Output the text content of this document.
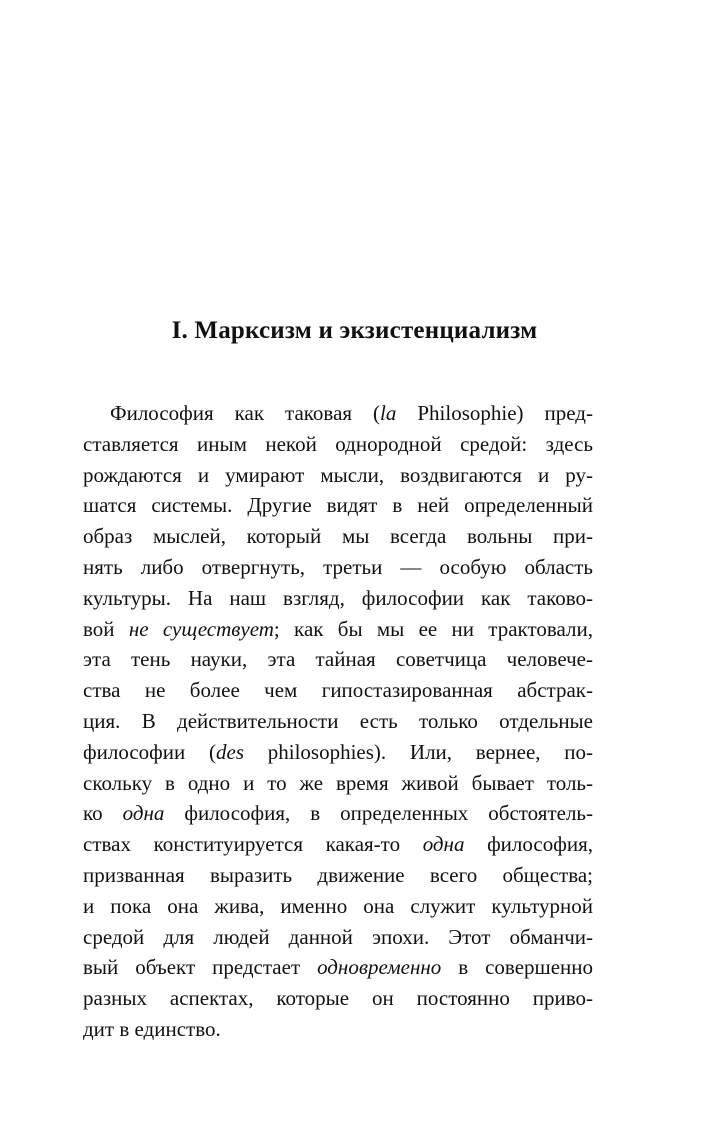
I. Марксизм и экзистенциализм
Философия как таковая (la Philosophie) пред-
ставляется иным некой однородной средой: здесь
рождаются и умирают мысли, воздвигаются и ру-
шатся системы. Другие видят в ней определенный
образ мыслей, который мы всегда вольны при-
нять либо отвергнуть, третьи — особую область
культуры. На наш взгляд, философии как таково-
вой не существует; как бы мы ее ни трактовали,
эта тень науки, эта тайная советчица человече-
ства не более чем гипостазированная абстрак-
ция. В действительности есть только отдельные
философии (des philosophies). Или, вернее, по-
скольку в одно и то же время живой бывает толь-
ко одна философия, в определенных обстоятель-
ствах конституируется какая-то одна философия,
призванная выразить движение всего общества;
и пока она жива, именно она служит культурной
средой для людей данной эпохи. Этот обманчи-
вый объект предстает одновременно в совершенно
разных аспектах, которые он постоянно приво-
дит в единство.
